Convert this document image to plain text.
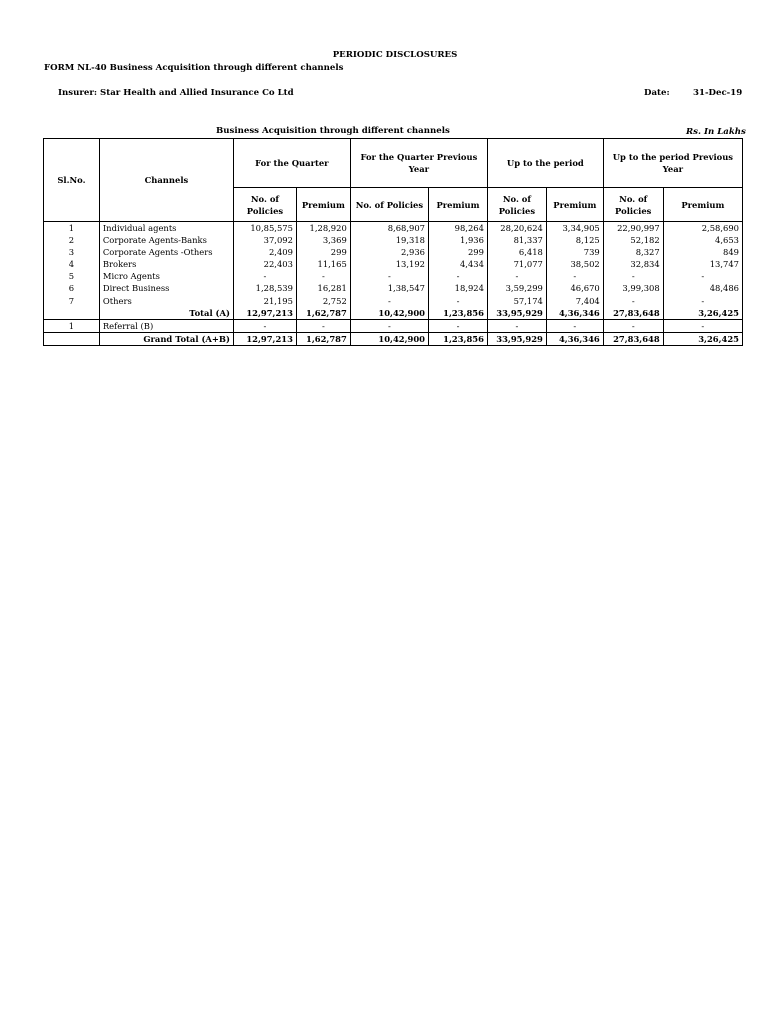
PERIODIC DISCLOSURES
FORM NL-40 Business Acquisition through different channels
Insurer: Star Health and Allied Insurance Co Ltd	Date:	31-Dec-19
Business Acquisition through different channels	Rs. In Lakhs
Sl.No.	Channels	For the Quarter		For the Quarter Previous Year		Up to the period		Up to the period Previous Year	
		No. of Policies	Premium	No. of Policies	Premium	No. of Policies	Premium	No. of Policies	Premium
1	Individual agents	10,85,575	1,28,920	8,68,907	98,264	28,20,624	3,34,905	22,90,997	2,58,690
2	Corporate Agents-Banks	37,092	3,369	19,318	1,936	81,337	8,125	52,182	4,653
3	Corporate Agents -Others	2,409	299	2,936	299	6,418	739	8,327	849
4	Brokers	22,403	11,165	13,192	4,434	71,077	38,502	32,834	13,747
5	Micro Agents	-	-	-	-	-	-	-	-
6	Direct Business	1,28,539	16,281	1,38,547	18,924	3,59,299	46,670	3,99,308	48,486
7	Others	21,195	2,752	-	-	57,174	7,404	-	-
	Total (A)	12,97,213	1,62,787	10,42,900	1,23,856	33,95,929	4,36,346	27,83,648	3,26,425
1	Referral (B)	-	-	-	-	-	-	-	-
	Grand Total (A+B)	12,97,213	1,62,787	10,42,900	1,23,856	33,95,929	4,36,346	27,83,648	3,26,425
